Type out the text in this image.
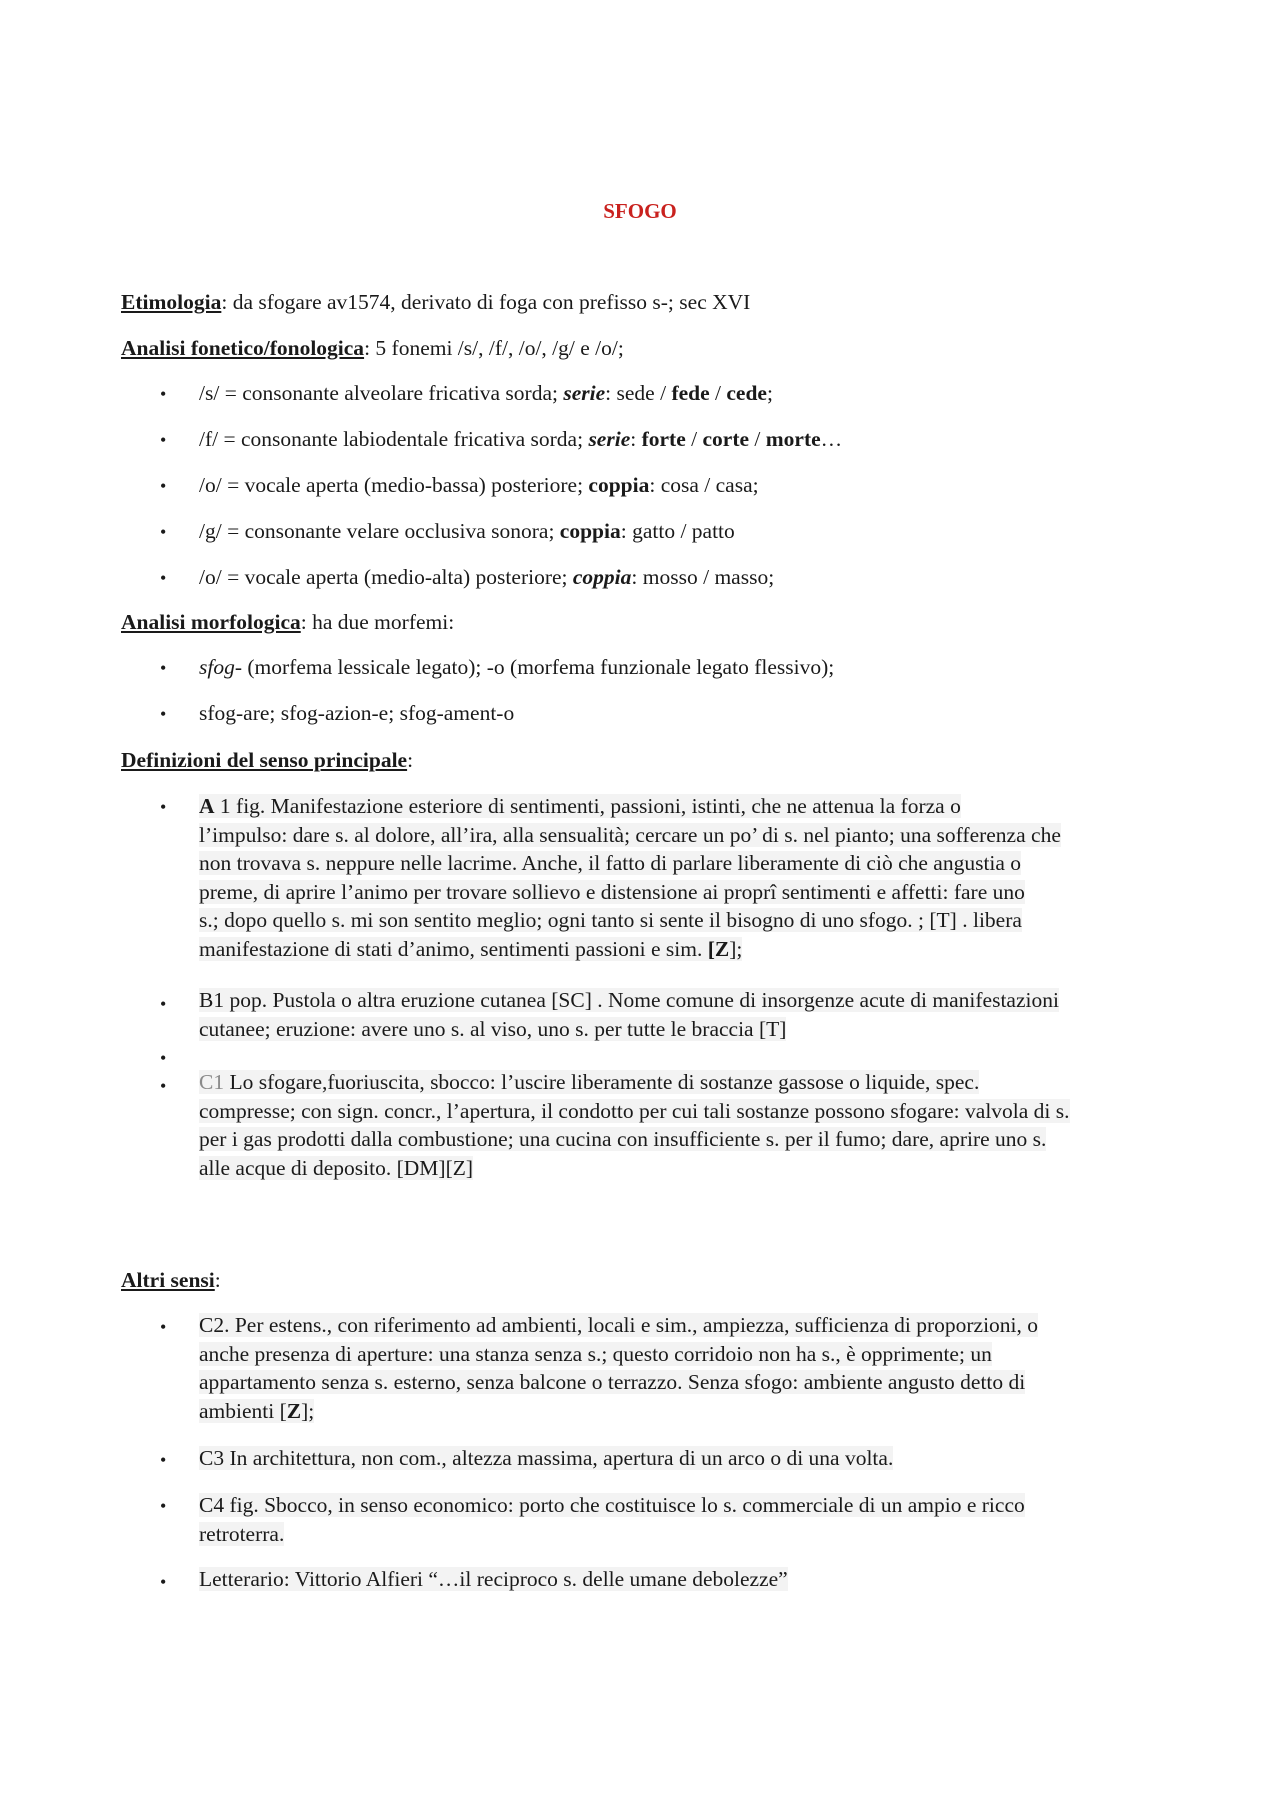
SFOGO
Etimologia: da sfogare av1574, derivato di foga con prefisso s-; sec XVI
Analisi fonetico/fonologica: 5 fonemi /s/, /f/, /o/, /g/ e /o/;
• /s/ = consonante alveolare fricativa sorda; serie: sede / fede / cede;
• /f/ = consonante labiodentale fricativa sorda; serie: forte / corte / morte…
• /o/ = vocale aperta (medio-bassa) posteriore; coppia: cosa / casa;
• /g/ = consonante velare occlusiva sonora; coppia: gatto / patto
• /o/ = vocale aperta (medio-alta) posteriore; coppia: mosso / masso;
Analisi morfologica: ha due morfemi:
• sfog- (morfema lessicale legato); -o (morfema funzionale legato flessivo);
• sfog-are; sfog-azion-e; sfog-ament-o
Definizioni del senso principale:
• A 1 fig. Manifestazione esteriore di sentimenti, passioni, istinti, che ne attenua la forza o
l’impulso: dare s. al dolore, all’ira, alla sensualità; cercare un po’ di s. nel pianto; una sofferenza che
non trovava s. neppure nelle lacrime. Anche, il fatto di parlare liberamente di ciò che angustia o
preme, di aprire l’animo per trovare sollievo e distensione ai proprî sentimenti e affetti: fare uno
s.; dopo quello s. mi son sentito meglio; ogni tanto si sente il bisogno di uno sfogo. ; [T] . libera
manifestazione di stati d’animo, sentimenti passioni e sim. [Z];
• B1 pop. Pustola o altra eruzione cutanea [SC] . Nome comune di insorgenze acute di manifestazioni
cutanee; eruzione: avere uno s. al viso, uno s. per tutte le braccia [T]
•
• C1 Lo sfogare,fuoriuscita, sbocco: l’uscire liberamente di sostanze gassose o liquide, spec.
compresse; con sign. concr., l’apertura, il condotto per cui tali sostanze possono sfogare: valvola di s.
per i gas prodotti dalla combustione; una cucina con insufficiente s. per il fumo; dare, aprire uno s.
alle acque di deposito. [DM][Z]
Altri sensi:
• C2. Per estens., con riferimento ad ambienti, locali e sim., ampiezza, sufficienza di proporzioni, o
anche presenza di aperture: una stanza senza s.; questo corridoio non ha s., è opprimente; un
appartamento senza s. esterno, senza balcone o terrazzo. Senza sfogo: ambiente angusto detto di
ambienti [Z];
• C3 In architettura, non com., altezza massima, apertura di un arco o di una volta.
• C4 fig. Sbocco, in senso economico: porto che costituisce lo s. commerciale di un ampio e ricco
retroterra.
• Letterario: Vittorio Alfieri “…il reciproco s. delle umane debolezze”
